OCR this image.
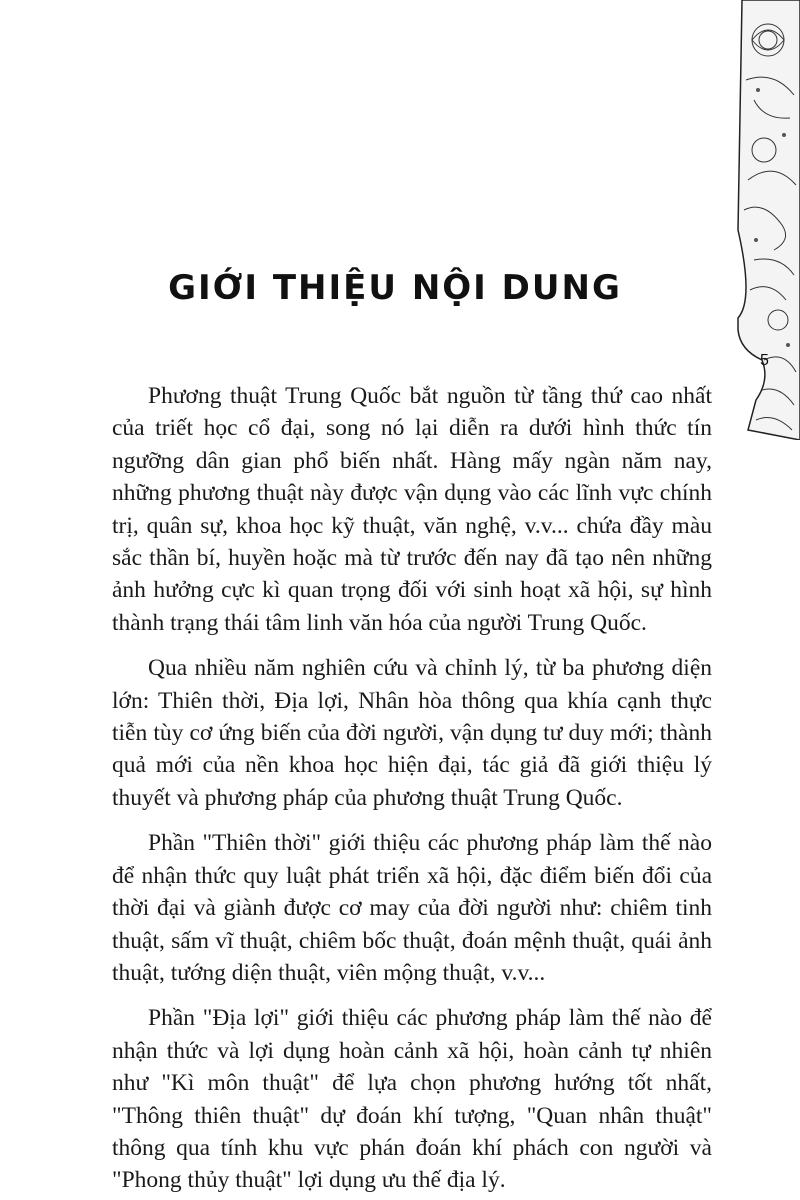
5
GIỚI THIỆU NỘI DUNG

Phương thuật Trung Quốc bắt nguồn từ tầng thứ cao nhất của triết học cổ đại, song nó lại diễn ra dưới hình thức tín ngưỡng dân gian phổ biến nhất. Hàng mấy ngàn năm nay, những phương thuật này được vận dụng vào các lĩnh vực chính trị, quân sự, khoa học kỹ thuật, văn nghệ, v.v... chứa đầy màu sắc thần bí, huyền hoặc mà từ trước đến nay đã tạo nên những ảnh hưởng cực kì quan trọng đối với sinh hoạt xã hội, sự hình thành trạng thái tâm linh văn hóa của người Trung Quốc.

Qua nhiều năm nghiên cứu và chỉnh lý, từ ba phương diện lớn: Thiên thời, Địa lợi, Nhân hòa thông qua khía cạnh thực tiễn tùy cơ ứng biến của đời người, vận dụng tư duy mới; thành quả mới của nền khoa học hiện đại, tác giả đã giới thiệu lý thuyết và phương pháp của phương thuật Trung Quốc.

Phần "Thiên thời" giới thiệu các phương pháp làm thế nào để nhận thức quy luật phát triển xã hội, đặc điểm biến đổi của thời đại và giành được cơ may của đời người như: chiêm tinh thuật, sấm vĩ thuật, chiêm bốc thuật, đoán mệnh thuật, quái ảnh thuật, tướng diện thuật, viên mộng thuật, v.v...

Phần "Địa lợi" giới thiệu các phương pháp làm thế nào để nhận thức và lợi dụng hoàn cảnh xã hội, hoàn cảnh tự nhiên như "Kì môn thuật" để lựa chọn phương hướng tốt nhất, "Thông thiên thuật" dự đoán khí tượng, "Quan nhân thuật" thông qua tính khu vực phán đoán khí phách con người và "Phong thủy thuật" lợi dụng ưu thế địa lý.
